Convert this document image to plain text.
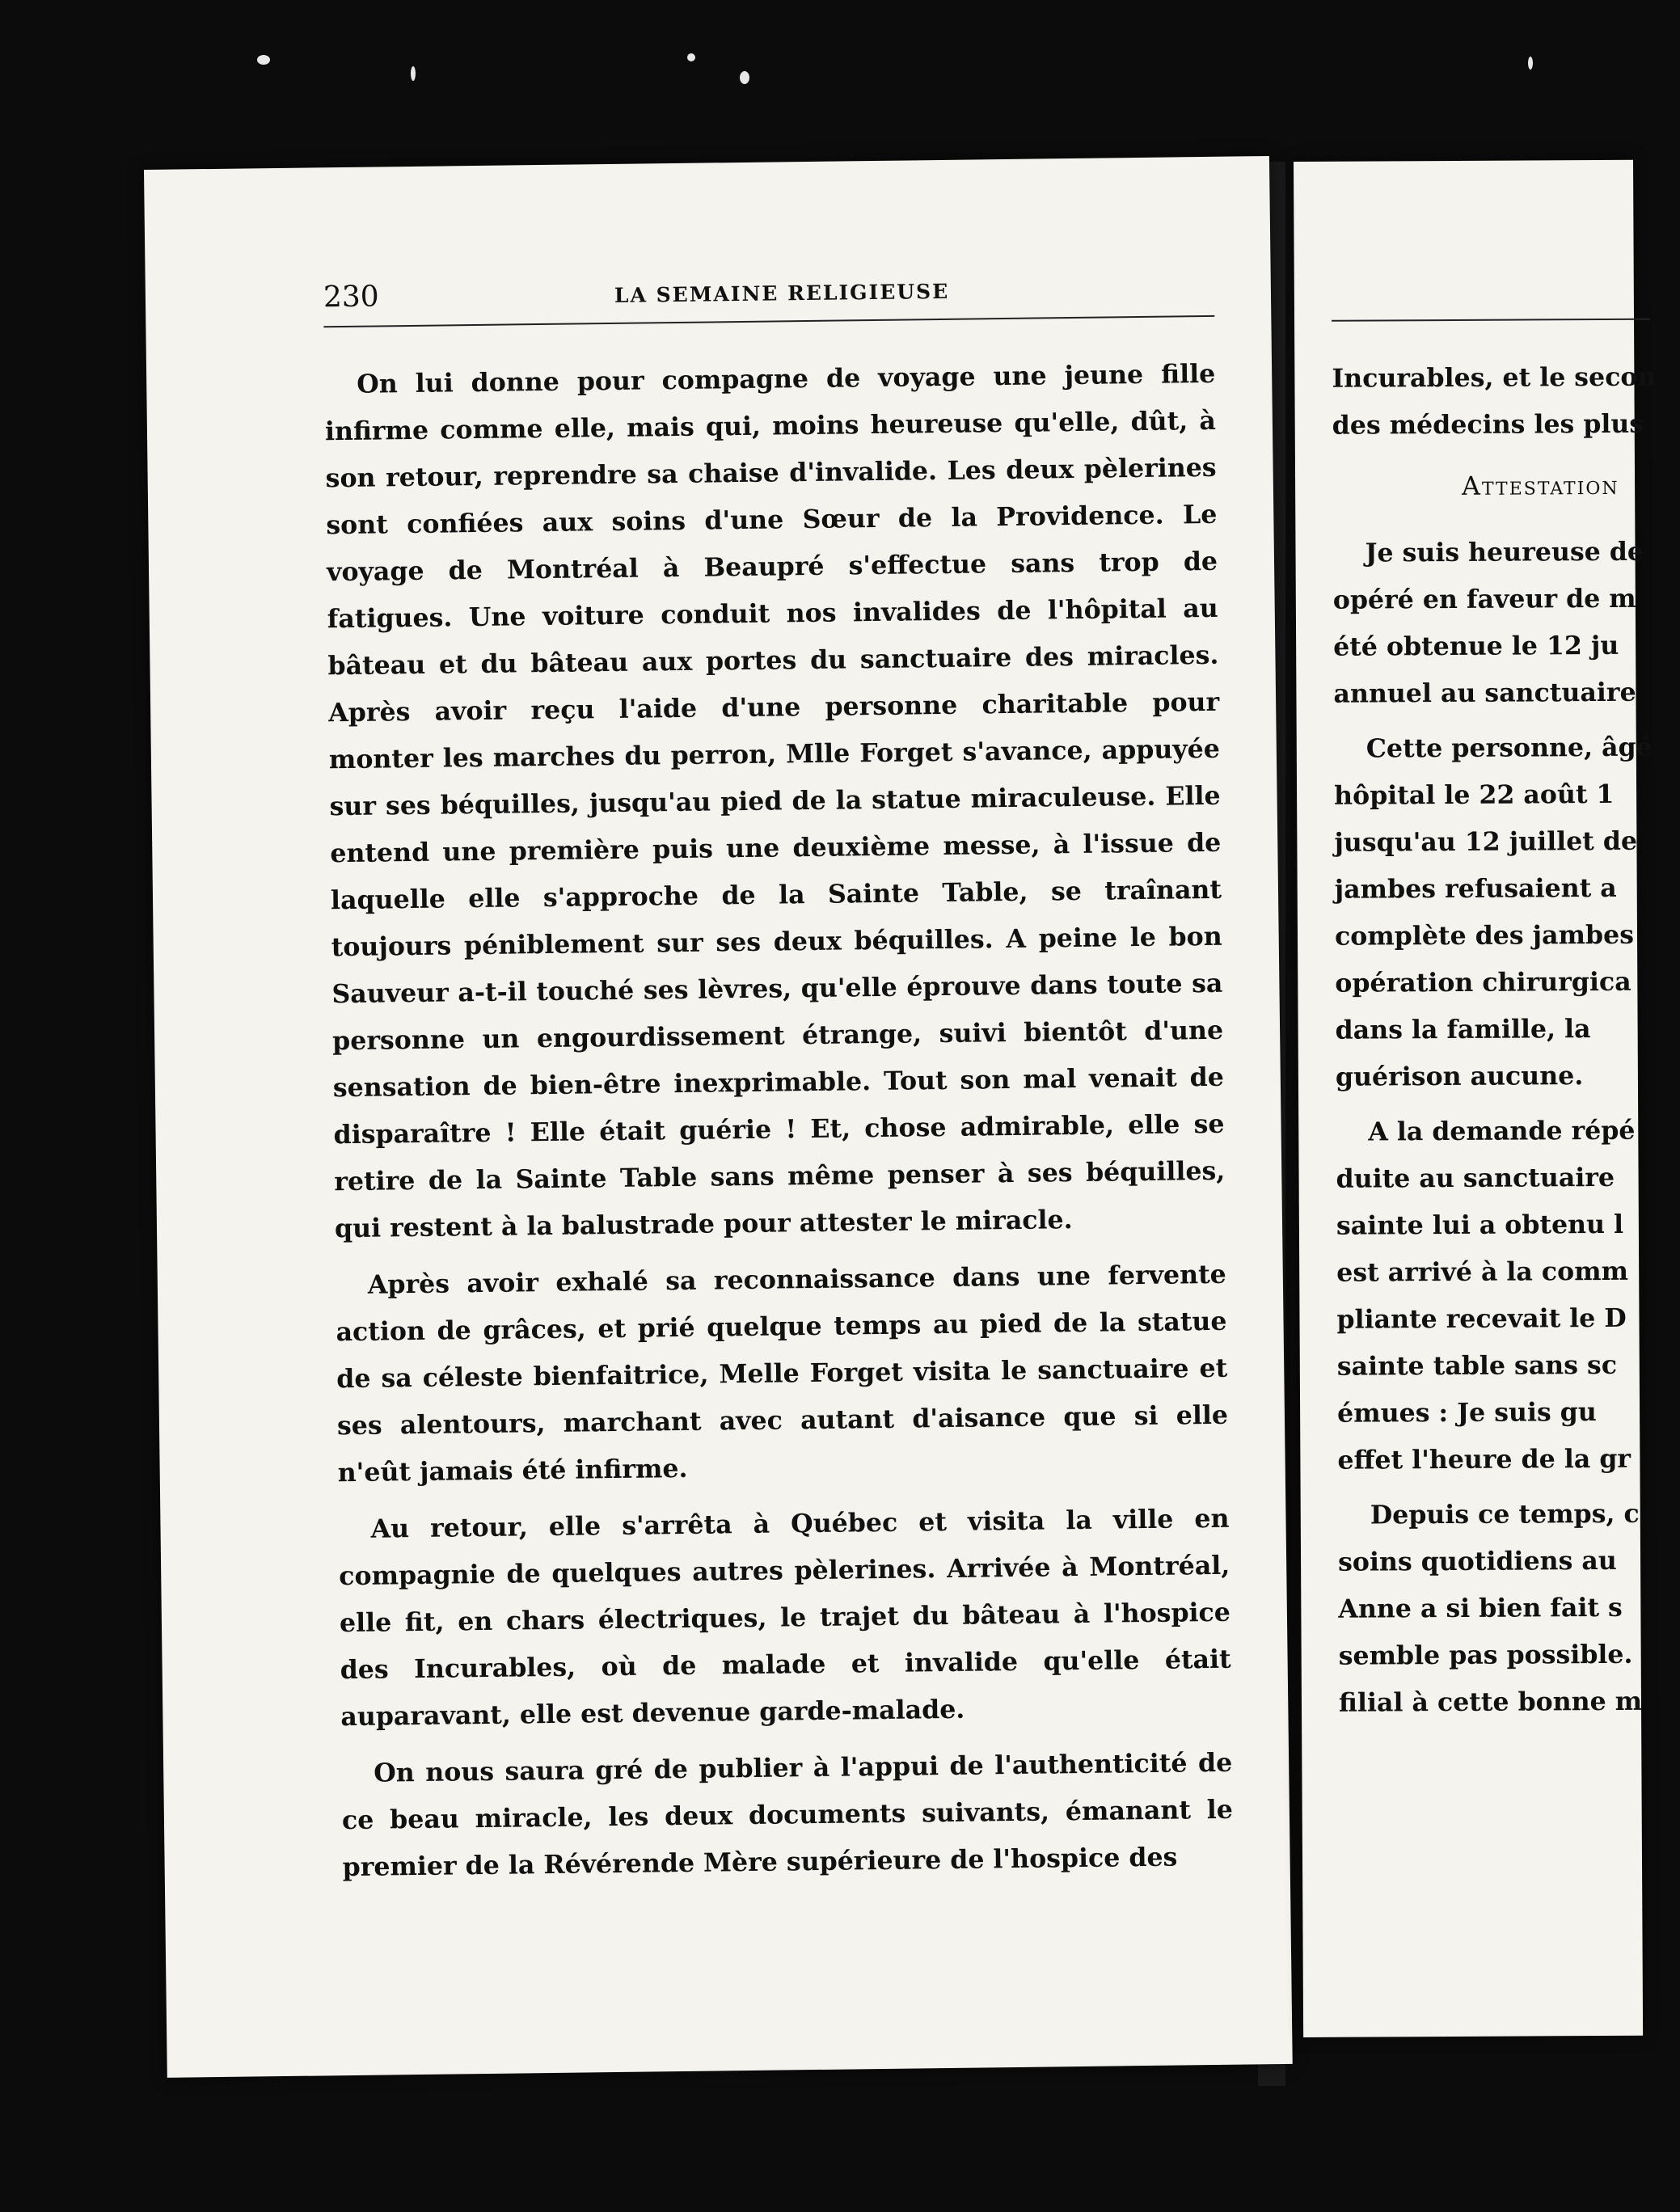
230	LA SEMAINE RELIGIEUSE

On lui donne pour compagne de voyage une jeune fille infirme comme elle, mais qui, moins heureuse qu'elle, dût, à son retour, reprendre sa chaise d'invalide. Les deux pèlerines sont confiées aux soins d'une Sœur de la Providence. Le voyage de Montréal à Beaupré s'effectue sans trop de fatigues. Une voiture conduit nos invalides de l'hôpital au bâteau et du bâteau aux portes du sanctuaire des miracles. Après avoir reçu l'aide d'une personne charitable pour monter les marches du perron, Mlle Forget s'avance, appuyée sur ses béquilles, jusqu'au pied de la statue miraculeuse. Elle entend une première puis une deuxième messe, à l'issue de laquelle elle s'approche de la Sainte Table, se traînant toujours péniblement sur ses deux béquilles. A peine le bon Sauveur a-t-il touché ses lèvres, qu'elle éprouve dans toute sa personne un engourdissement étrange, suivi bientôt d'une sensation de bien-être inexprimable. Tout son mal venait de disparaître ! Elle était guérie ! Et, chose admirable, elle se retire de la Sainte Table sans même penser à ses béquilles, qui restent à la balustrade pour attester le miracle.

Après avoir exhalé sa reconnaissance dans une fervente action de grâces, et prié quelque temps au pied de la statue de sa céleste bienfaitrice, Melle Forget visita le sanctuaire et ses alentours, marchant avec autant d'aisance que si elle n'eût jamais été infirme.

Au retour, elle s'arrêta à Québec et visita la ville en compagnie de quelques autres pèlerines. Arrivée à Montréal, elle fit, en chars électriques, le trajet du bâteau à l'hospice des Incurables, où de malade et invalide qu'elle était auparavant, elle est devenue garde-malade.

On nous saura gré de publier à l'appui de l'authenticité de ce beau miracle, les deux documents suivants, émanant le premier de la Révérende Mère supérieure de l'hospice des

Incurables, et le secon
des médecins les plus
Attestation
Je suis heureuse de
opéré en faveur de m
été obtenue le 12 ju
annuel au sanctuaire
Cette personne, âgé
hôpital le 22 août 1
jusqu'au 12 juillet de
jambes refusaient a
complète des jambes
opération chirurgica
dans la famille, la
guérison aucune.
A la demande répé
duite au sanctuaire
sainte lui a obtenu l
est arrivé à la comm
pliante recevait le D
sainte table sans sc
émues : Je suis gu
effet l'heure de la gr
Depuis ce temps, c
soins quotidiens au
Anne a si bien fait s
semble pas possible.
filial à cette bonne m
